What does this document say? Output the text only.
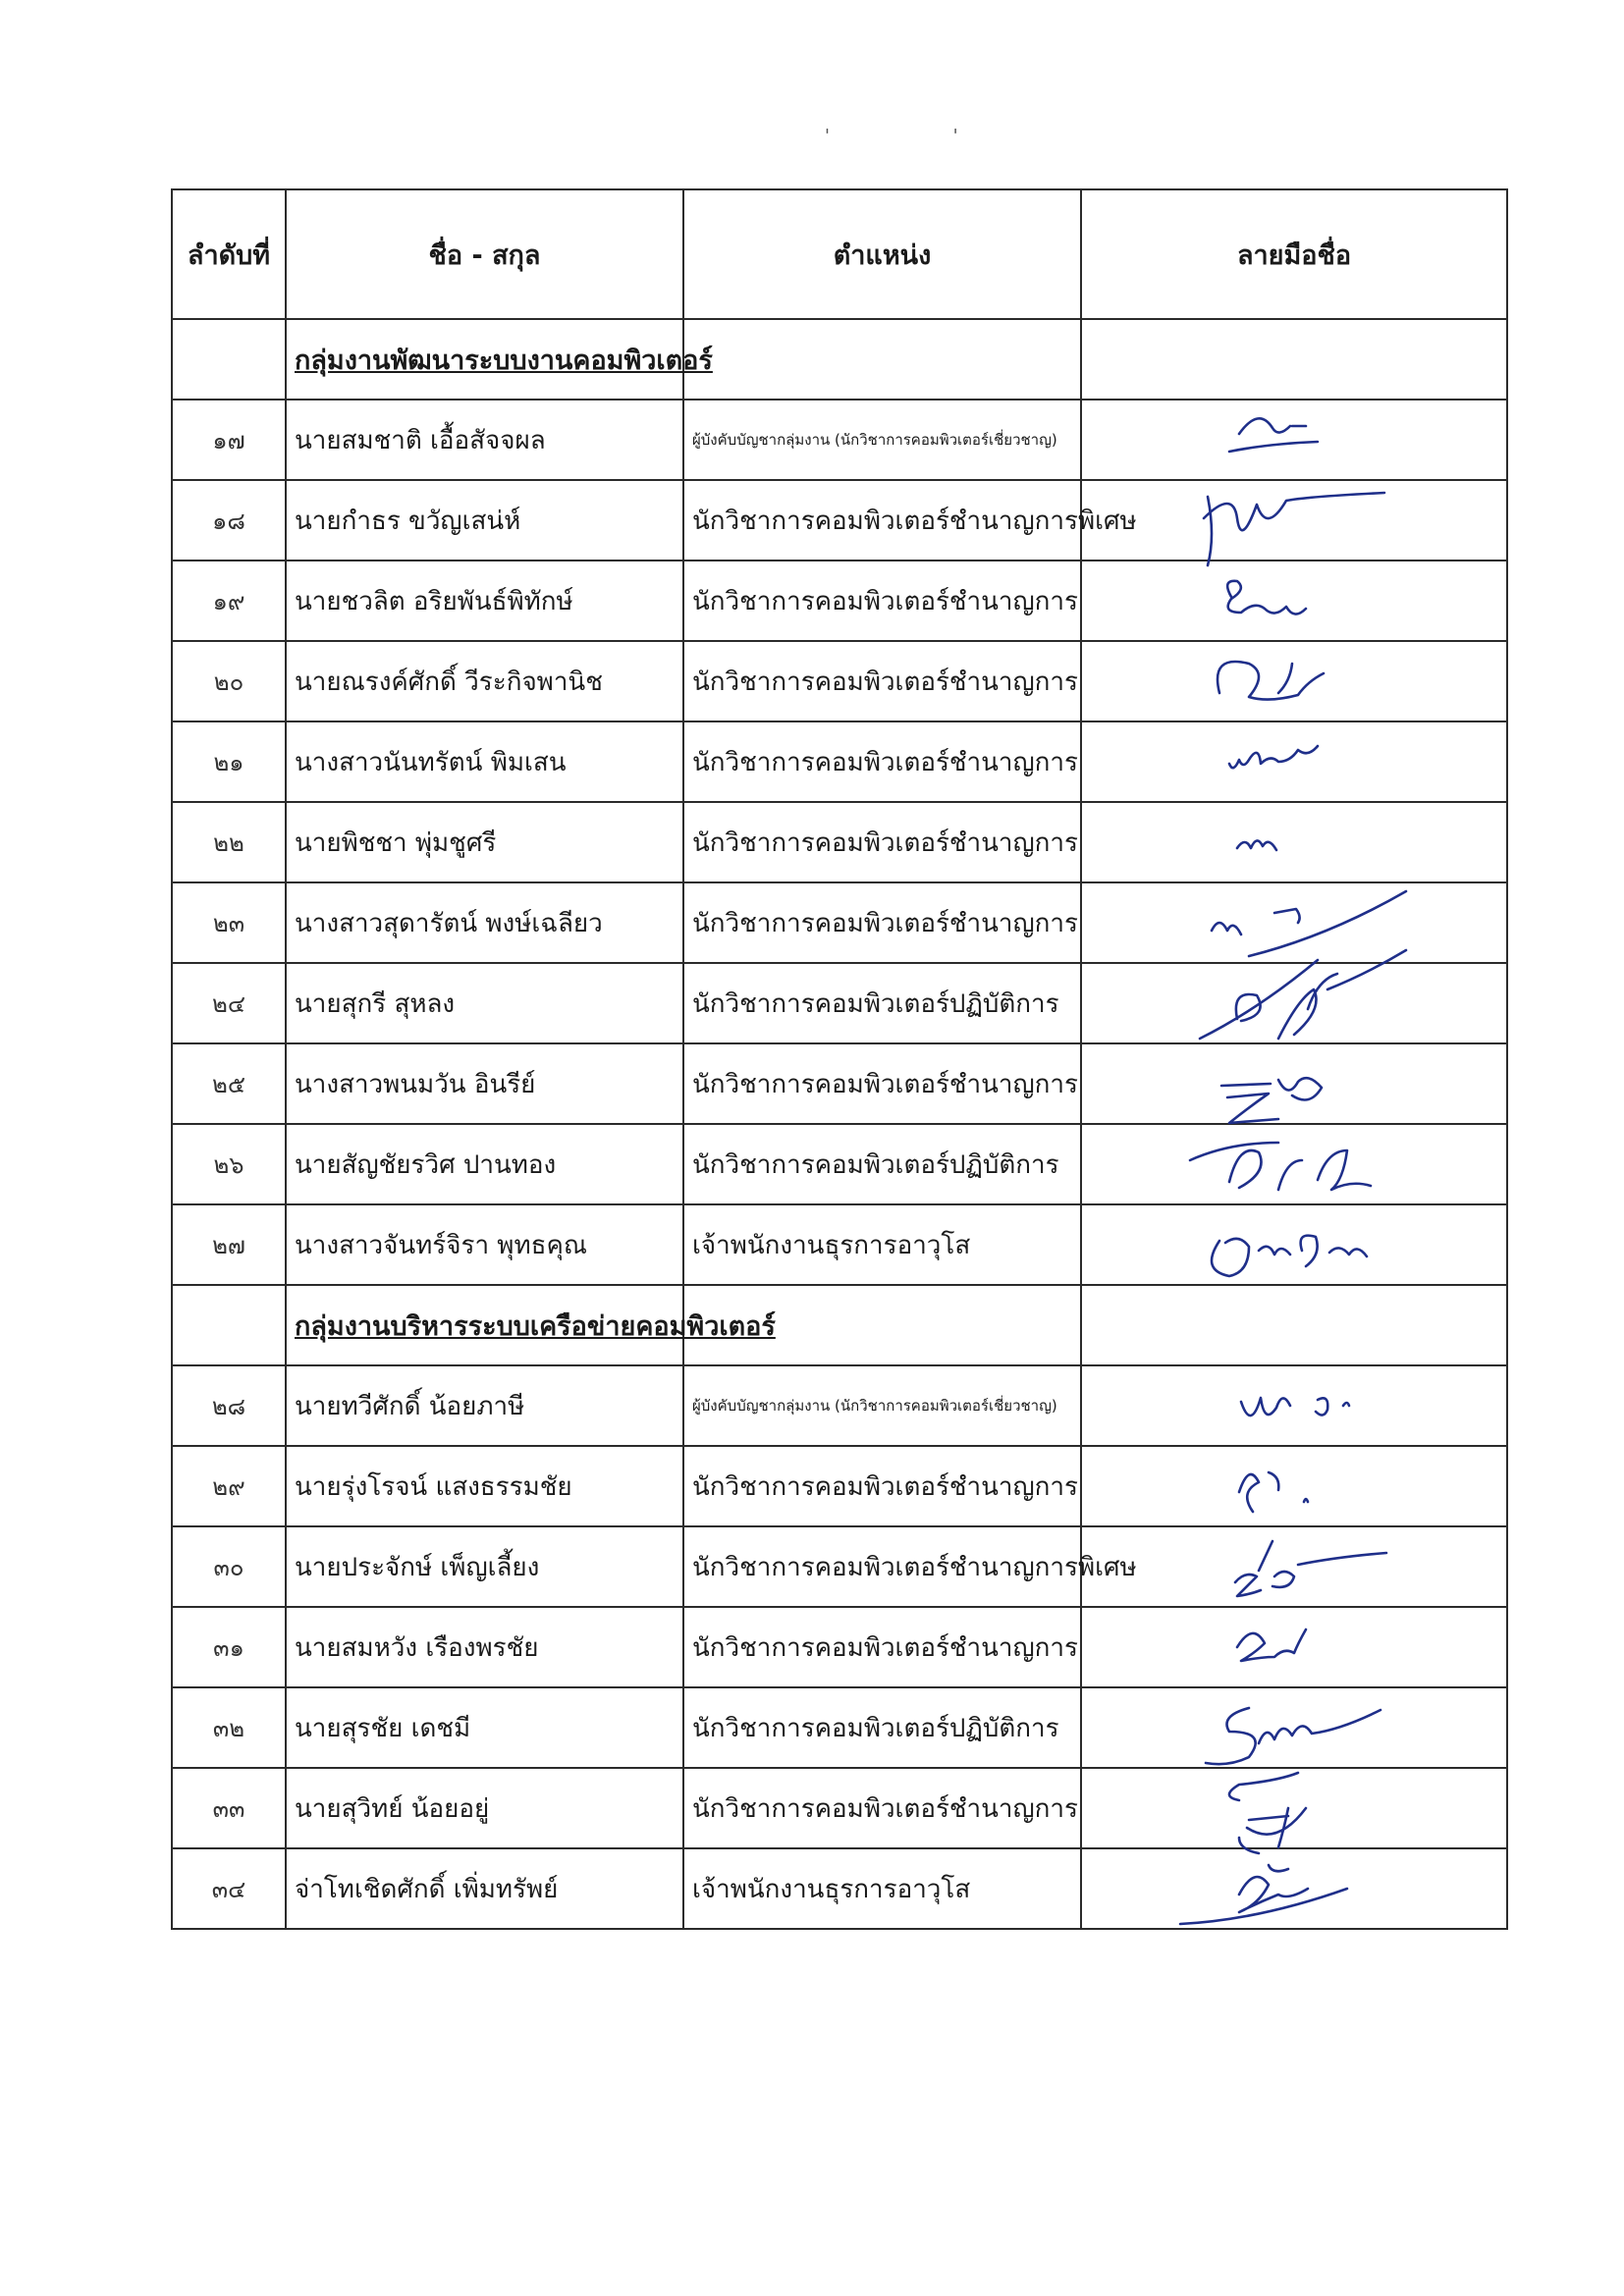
' '
ลำดับที่	ชื่อ - สกุล	ตำแหน่ง	ลายมือชื่อ
	กลุ่มงานพัฒนาระบบงานคอมพิวเตอร์		
๑๗	นายสมชาติ เอื้อสัจจผล	ผู้บังคับบัญชากลุ่มงาน (นักวิชาการคอมพิวเตอร์เชี่ยวชาญ)	

๑๘	นายกำธร ขวัญเสน่ห์	นักวิชาการคอมพิวเตอร์ชำนาญการพิเศษ	

๑๙	นายชวลิต อริยพันธ์พิทักษ์	นักวิชาการคอมพิวเตอร์ชำนาญการ	

๒๐	นายณรงค์ศักดิ์ วีระกิจพานิช	นักวิชาการคอมพิวเตอร์ชำนาญการ	

๒๑	นางสาวนันทรัตน์ พิมเสน	นักวิชาการคอมพิวเตอร์ชำนาญการ	

๒๒	นายพิชชา พุ่มชูศรี	นักวิชาการคอมพิวเตอร์ชำนาญการ	

๒๓	นางสาวสุดารัตน์ พงษ์เฉลียว	นักวิชาการคอมพิวเตอร์ชำนาญการ	

๒๔	นายสุกรี สุหลง	นักวิชาการคอมพิวเตอร์ปฏิบัติการ	

๒๕	นางสาวพนมวัน อินรีย์	นักวิชาการคอมพิวเตอร์ชำนาญการ	

๒๖	นายสัญชัยรวิศ ปานทอง	นักวิชาการคอมพิวเตอร์ปฏิบัติการ	

๒๗	นางสาวจันทร์จิรา พุทธคุณ	เจ้าพนักงานธุรการอาวุโส	

	กลุ่มงานบริหารระบบเครือข่ายคอมพิวเตอร์		
๒๘	นายทวีศักดิ์ น้อยภาษี	ผู้บังคับบัญชากลุ่มงาน (นักวิชาการคอมพิวเตอร์เชี่ยวชาญ)	

๒๙	นายรุ่งโรจน์ แสงธรรมชัย	นักวิชาการคอมพิวเตอร์ชำนาญการ	

๓๐	นายประจักษ์ เพ็ญเลี้ยง	นักวิชาการคอมพิวเตอร์ชำนาญการพิเศษ	

๓๑	นายสมหวัง เรืองพรชัย	นักวิชาการคอมพิวเตอร์ชำนาญการ	

๓๒	นายสุรชัย เดชมี	นักวิชาการคอมพิวเตอร์ปฏิบัติการ	

๓๓	นายสุวิทย์ น้อยอยู่	นักวิชาการคอมพิวเตอร์ชำนาญการ	

๓๔	จ่าโทเชิดศักดิ์ เพิ่มทรัพย์	เจ้าพนักงานธุรการอาวุโส	
